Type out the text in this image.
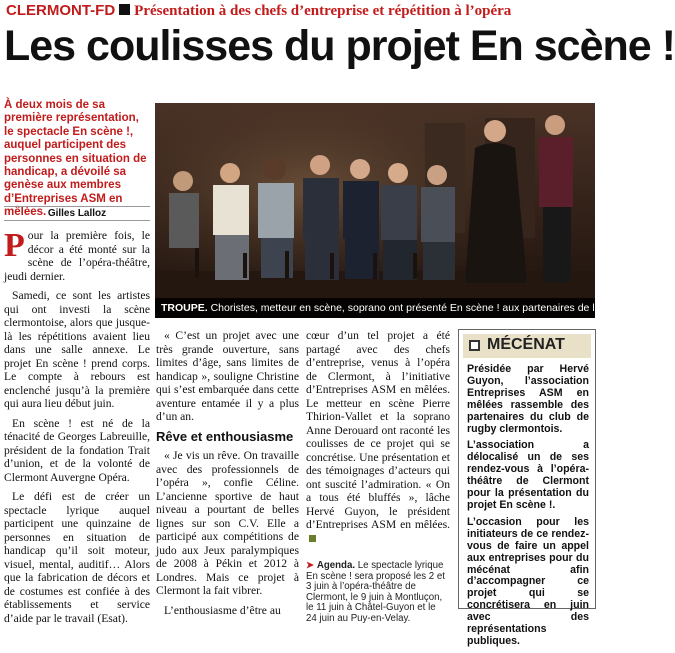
CLERMONT-FD Présentation à des chefs d’entreprise et répétition à l’opéra
Les coulisses du projet En scène !
À deux mois de sa première représentation, le spectacle En scène !, auquel participent des personnes en situation de handicap, a dévoilé sa genèse aux membres d’Entreprises ASM en mêlées. Gilles Lalloz

Pour la première fois, le décor a été monté sur la scène de l’opéra-théâtre, jeudi dernier.

Samedi, ce sont les artistes qui ont investi la scène clermontoise, alors que jusque-là les répétitions avaient lieu dans une salle annexe. Le projet En scène ! prend corps. Le compte à rebours est enclenché jusqu’à la première qui aura lieu début juin.

En scène ! est né de la ténacité de Georges Labreuille, président de la fondation Trait d’union, et de la volonté de Clermont Auvergne Opéra.

Le défi est de créer un spectacle lyrique auquel participent une quinzaine de personnes en situation de handicap qu’il soit moteur, visuel, mental, auditif… Alors que la fabrication de décors et de costumes est confiée à des établissements et service d’aide par le travail (Esat).

TROUPE. Choristes, metteur en scène, soprano ont présenté En scène ! aux partenaires de l’ASM.

« C’est un projet avec une très grande ouverture, sans limites d’âge, sans limites de handicap », souligne Christine qui s’est embarquée dans cette aventure entamée il y a plus d’un an.

Rêve et enthousiasme

« Je vis un rêve. On travaille avec des professionnels de l’opéra », confie Céline. L’ancienne sportive de haut niveau a pourtant de belles lignes sur son C.V. Elle a participé aux compétitions de judo aux Jeux paralympiques de 2008 à Pékin et 2012 à Londres. Mais ce projet à Clermont la fait vibrer.

L’enthousiasme d’être au

cœur d’un tel projet a été partagé avec des chefs d’entreprise, venus à l’opéra de Clermont, à l’initiative d’Entreprises ASM en mêlées. Le metteur en scène Pierre Thirion-Vallet et la soprano Anne Derouard ont raconté les coulisses de ce projet qui se concrétise. Une présentation et des témoignages d’acteurs qui ont suscité l’admiration. « On a tous été bluffés », lâche Hervé Guyon, le président d’Entreprises ASM en mêlées.

➤ Agenda. Le spectacle lyrique En scène ! sera proposé les 2 et 3 juin à l’opéra-théâtre de Clermont, le 9 juin à Montluçon, le 11 juin à Châtel-Guyon et le 24 juin au Puy-en-Velay.
MÉCÉNAT

Présidée par Hervé Guyon, l’association Entreprises ASM en mêlées rassemble des partenaires du club de rugby clermontois.

L’association a délocalisé un de ses rendez-vous à l’opéra-théâtre de Clermont pour la présentation du projet En scène !.

L’occasion pour les initiateurs de ce rendez-vous de faire un appel aux entreprises pour du mécénat afin d’accompagner ce projet qui se concrétisera en juin avec des représentations publiques.
